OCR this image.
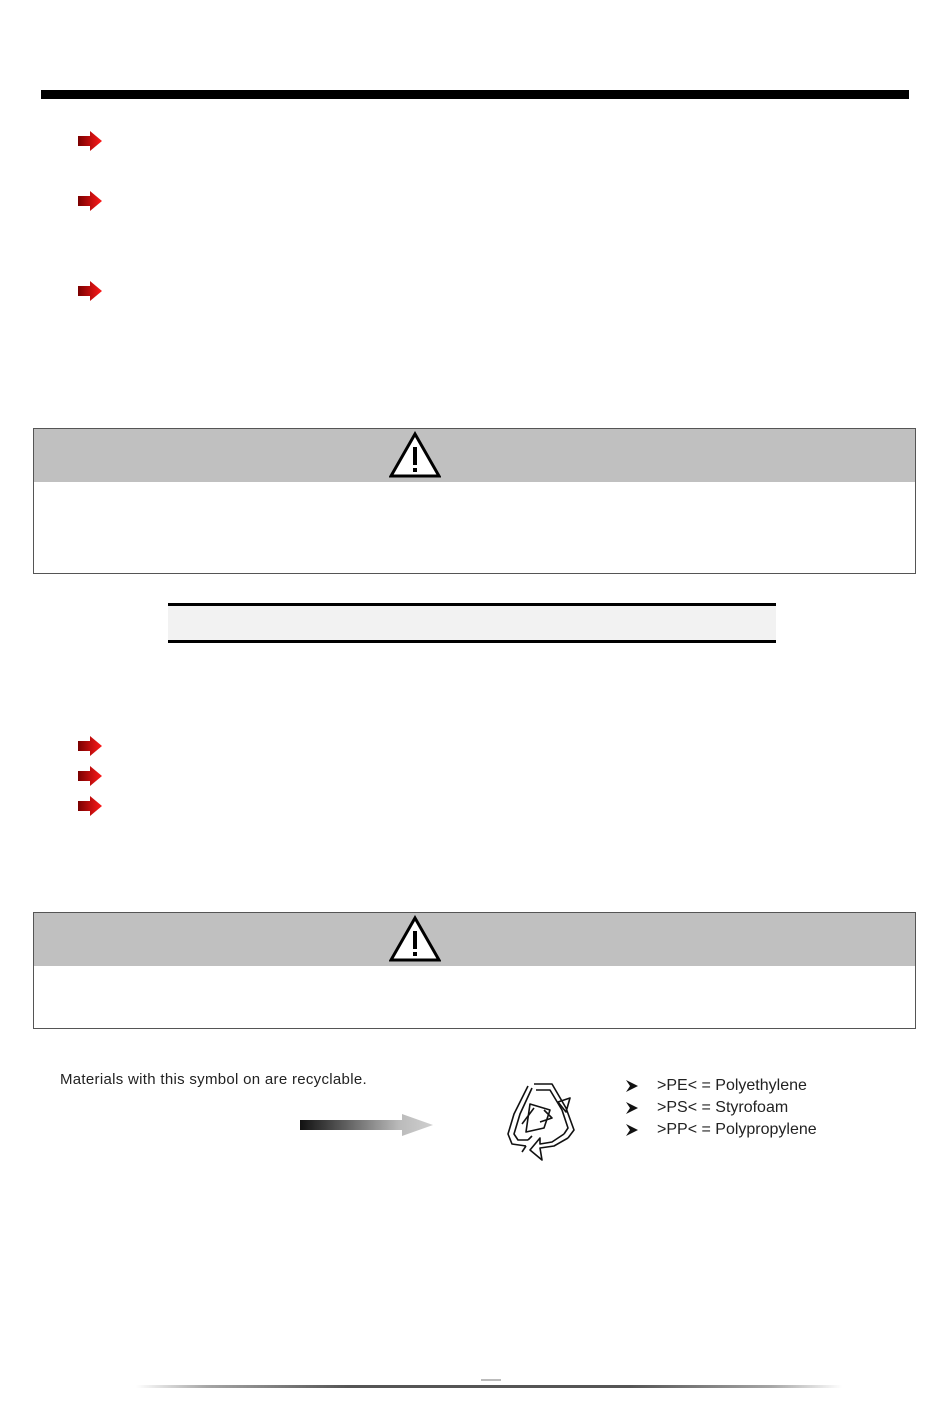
Materials with this symbol on are recyclable.	>PE< = Polyethylene
>PS< = Styrofoam
>PP< = Polypropylene
